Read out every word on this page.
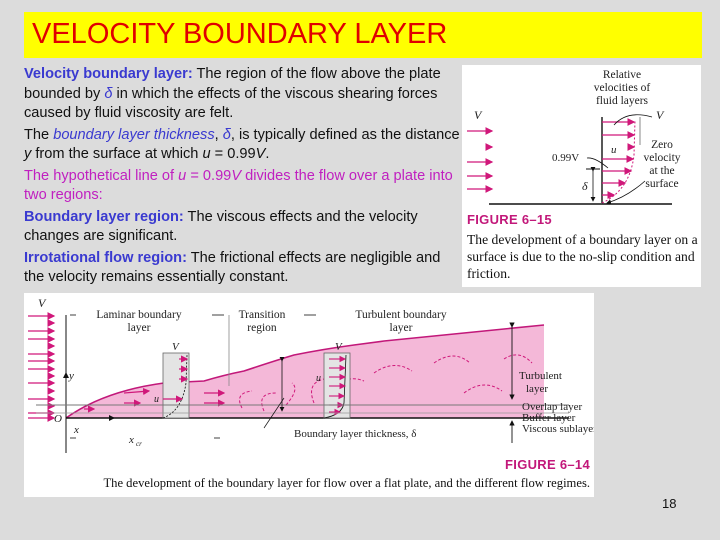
VELOCITY BOUNDARY LAYER

Velocity boundary layer: The region of the flow above the plate bounded by δ in which the effects of the viscous shearing forces caused by fluid viscosity are felt.

The boundary layer thickness, δ, is typically defined as the distance y from the surface at which u = 0.99V.

The hypothetical line of u = 0.99V divides the flow over a plate into two regions:

Boundary layer region: The viscous effects and the velocity changes are significant.

Irrotational flow region: The frictional effects are negligible and the velocity remains essentially constant.

Relative
velocities of
fluid layers
V
u
V
0.99V
δ
Zero
velocity
at the
surface
FIGURE 6–15
The development of a boundary layer on a surface is due to the no-slip condition and friction.
V
y
O
x
Laminar boundary
layer
Transition
region
Turbulent boundary
layer
x cr
V
u
V
u
Boundary layer thickness, δ
Turbulent
layer
Overlap layer
Buffer layer
Viscous sublayer
FIGURE 6–14
The development of the boundary layer for flow over a flat plate, and the different flow regimes.
18
